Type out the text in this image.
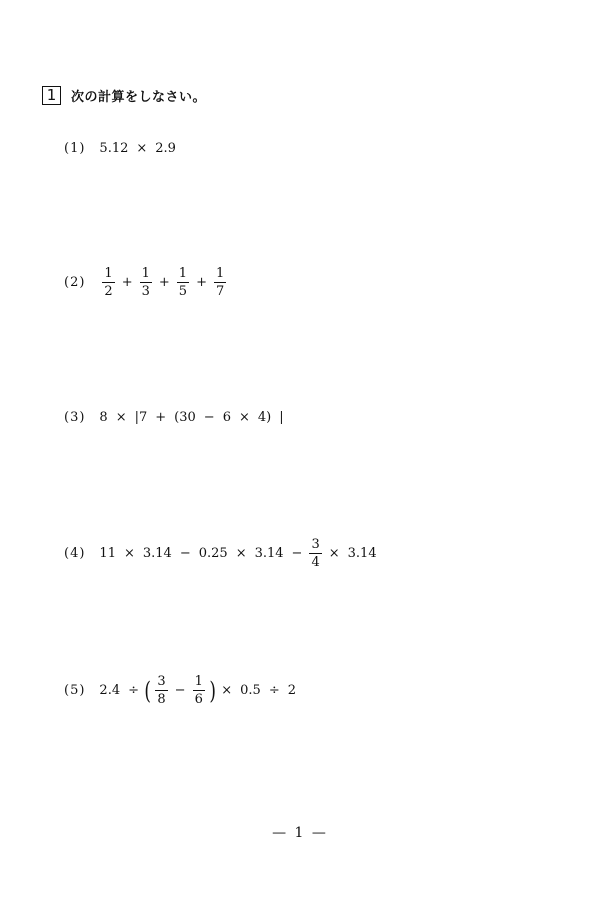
1	次の計算をしなさい。
(1) 5.12 × 2.9
$(2) \frac{1}{2} + \frac{1}{3} + \frac{1}{5} + \frac{1}{7}$
(3) 8 × |7 + (30 − 6 × 4) |
(4) $11 \times 3.14 - 0.25 \times 3.14 - \frac{3}{4} \times 3.14$
(5) 2.4 ÷ ( $\frac{3}{8} - \frac{1}{6}$ ) × 0.5 ÷ 2
— 1 —
